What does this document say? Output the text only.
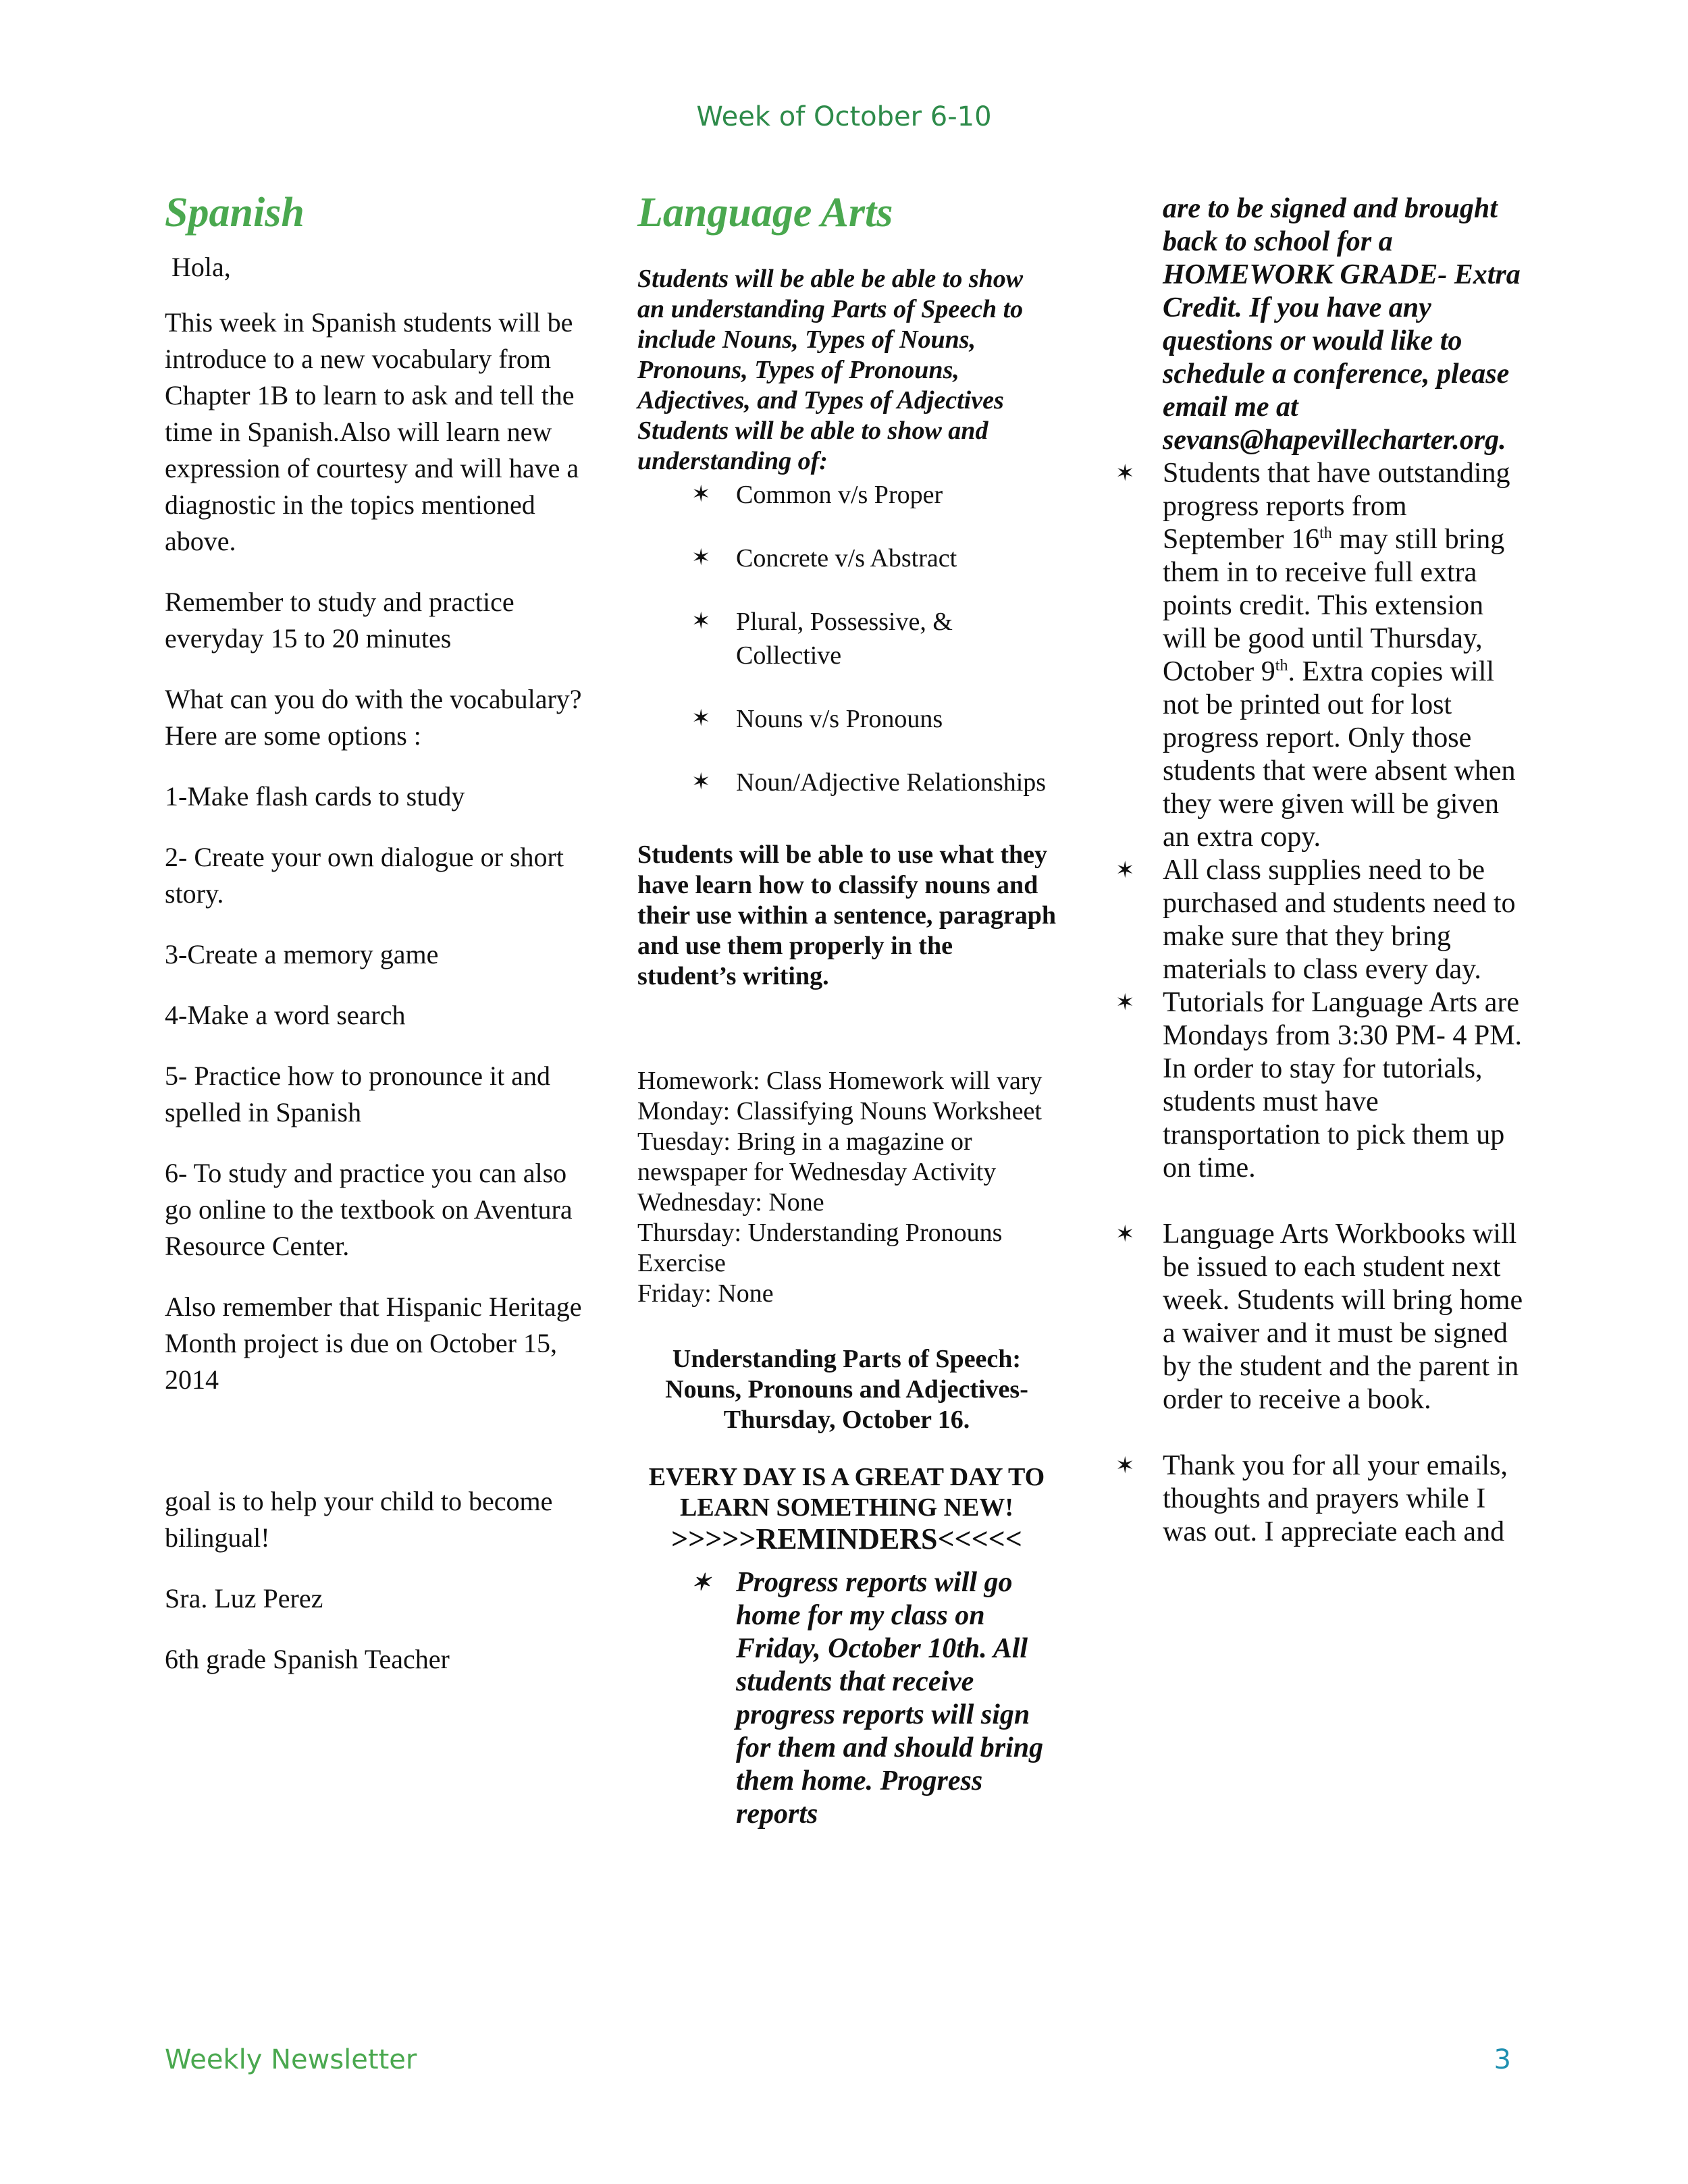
Week of October 6-10
Spanish

Hola,

This week in Spanish students will be introduce to a new vocabulary from Chapter 1B to learn to ask and tell the time in Spanish.Also will learn new expression of courtesy and will have a diagnostic in the topics mentioned above.

Remember to study and practice everyday 15 to 20 minutes

What can you do with the vocabulary? Here are some options :

1-Make flash cards to study

2- Create your own dialogue or short story.

3-Create a memory game

4-Make a word search

5- Practice how to pronounce it and spelled in Spanish

6- To study and practice you can also go online to the textbook on Aventura Resource Center.

Also remember that Hispanic Heritage Month project is due on October 15, 2014

goal is to help your child to become bilingual!

Sra. Luz Perez

6th grade Spanish Teacher

Language Arts
Students will be able be able to show an understanding Parts of Speech to include Nouns, Types of Nouns, Pronouns, Types of Pronouns, Adjectives, and Types of Adjectives
Students will be able to show and understanding of:
✶ Common v/s Proper
✶ Concrete v/s Abstract
✶ Plural, Possessive, & Collective
✶ Nouns v/s Pronouns
✶ Noun/Adjective Relationships
Students will be able to use what they have learn how to classify nouns and their use within a sentence, paragraph and use them properly in the student’s writing.
Homework: Class Homework will vary
Monday: Classifying Nouns Worksheet
Tuesday: Bring in a magazine or newspaper for Wednesday Activity
Wednesday: None
Thursday: Understanding Pronouns Exercise
Friday: None
Understanding Parts of Speech: Nouns, Pronouns and Adjectives-
Thursday, October 16.
EVERY DAY IS A GREAT DAY TO LEARN SOMETHING NEW!
>>>>>REMINDERS<<<<<
✶ Progress reports will go home for my class on Friday, October 10th. All students that receive progress reports will sign for them and should bring them home. Progress reports

are to be signed and brought back to school for a HOMEWORK GRADE- Extra Credit. If you have any questions or would like to schedule a conference, please email me at sevans@hapevillecharter.org.

✶ Students that have outstanding progress reports from September 16th may still bring them in to receive full extra points credit. This extension will be good until Thursday, October 9th. Extra copies will not be printed out for lost progress report. Only those students that were absent when they were given will be given an extra copy.
✶ All class supplies need to be purchased and students need to make sure that they bring materials to class every day.
✶ Tutorials for Language Arts are Mondays from 3:30 PM- 4 PM. In order to stay for tutorials, students must have transportation to pick them up on time.
✶ Language Arts Workbooks will be issued to each student next week. Students will bring home a waiver and it must be signed by the student and the parent in order to receive a book.
✶ Thank you for all your emails, thoughts and prayers while I was out. I appreciate each and
Weekly Newsletter	3
